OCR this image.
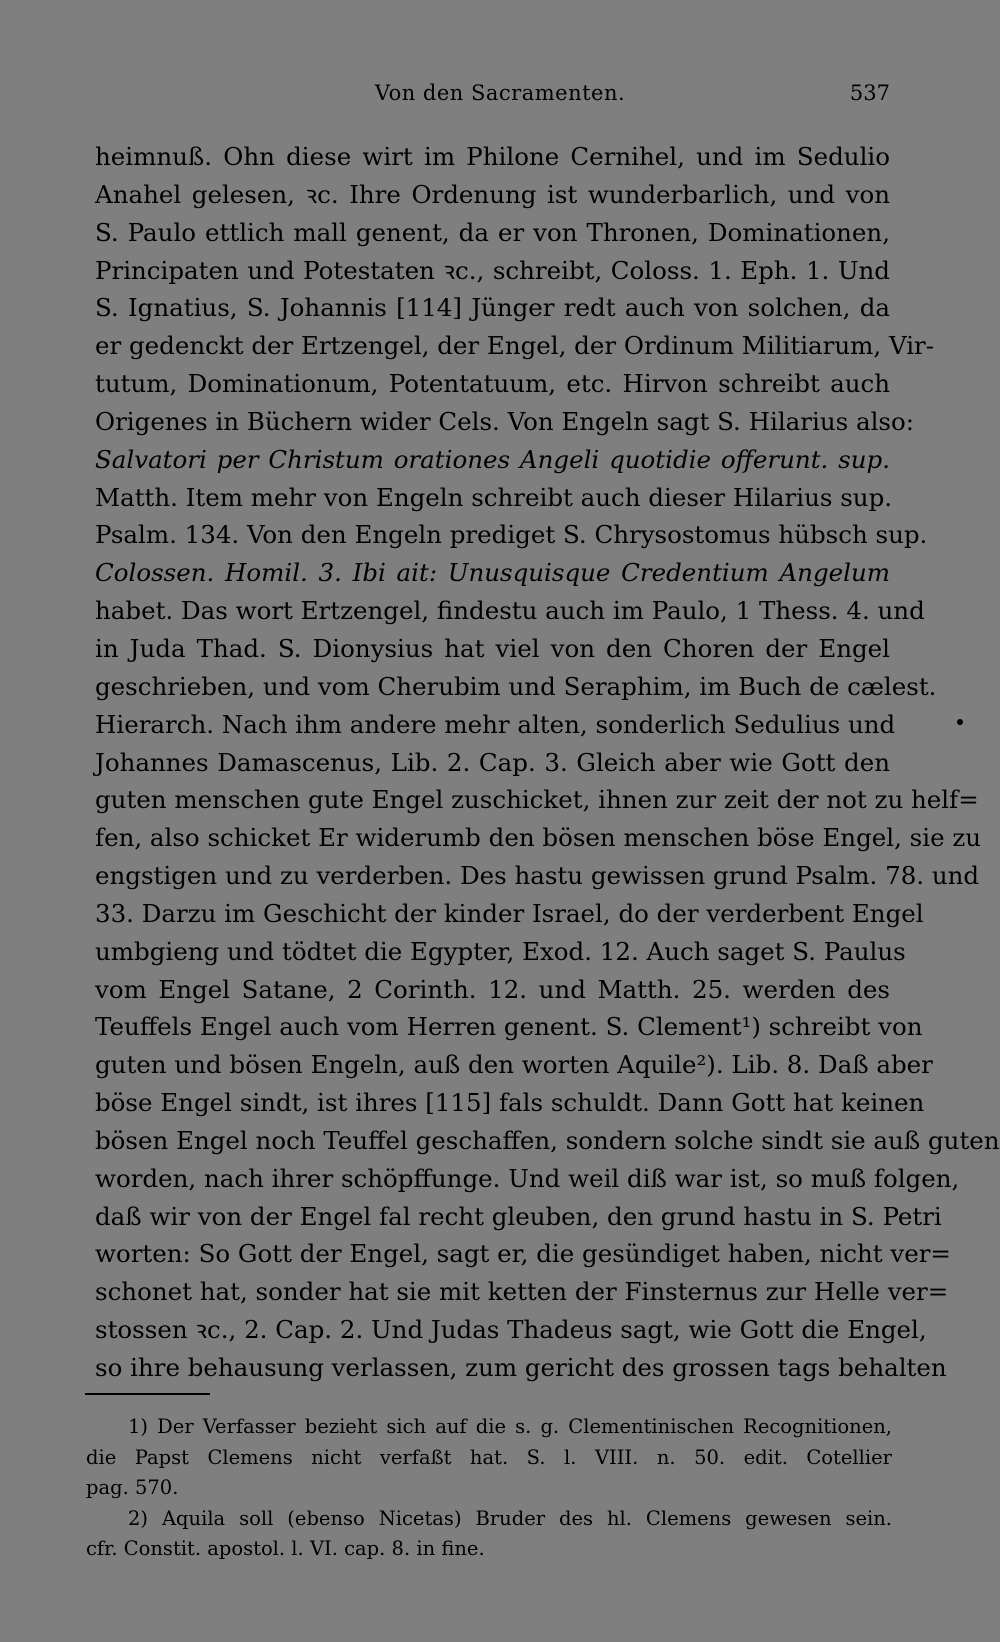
Von den Sacramenten.	537
heimnuß. Ohn diese wirt im Philone Cernihel, und im Sedulio
Anahel gelesen, ꝛc. Ihre Ordenung ist wunderbarlich, und von
S. Paulo ettlich mall genent, da er von Thronen, Dominationen,
Principaten und Potestaten ꝛc., schreibt, Coloss. 1. Eph. 1. Und
S. Ignatius, S. Johannis [114] Jünger redt auch von solchen, da
er gedenckt der Ertzengel, der Engel, der Ordinum Militiarum, Vir-
tutum, Dominationum, Potentatuum, etc. Hirvon schreibt auch
Origenes in Büchern wider Cels. Von Engeln sagt S. Hilarius also:
Salvatori per Christum orationes Angeli quotidie offerunt. sup.
Matth. Item mehr von Engeln schreibt auch dieser Hilarius sup.
Psalm. 134. Von den Engeln prediget S. Chrysostomus hübsch sup.
Colossen. Homil. 3. Ibi ait: Unusquisque Credentium Angelum
habet. Das wort Ertzengel, findestu auch im Paulo, 1 Thess. 4. und
in Juda Thad. S. Dionysius hat viel von den Choren der Engel
geschrieben, und vom Cherubim und Seraphim, im Buch de cælest.
Hierarch. Nach ihm andere mehr alten, sonderlich Sedulius und
Johannes Damascenus, Lib. 2. Cap. 3. Gleich aber wie Gott den
guten menschen gute Engel zuschicket, ihnen zur zeit der not zu helf=
fen, also schicket Er widerumb den bösen menschen böse Engel, sie zu
engstigen und zu verderben. Des hastu gewissen grund Psalm. 78. und
33. Darzu im Geschicht der kinder Israel, do der verderbent Engel
umbgieng und tödtet die Egypter, Exod. 12. Auch saget S. Paulus
vom Engel Satane, 2 Corinth. 12. und Matth. 25. werden des
Teuffels Engel auch vom Herren genent. S. Clement¹) schreibt von
guten und bösen Engeln, auß den worten Aquile²). Lib. 8. Daß aber
böse Engel sindt, ist ihres [115] fals schuldt. Dann Gott hat keinen
bösen Engel noch Teuffel geschaffen, sondern solche sindt sie auß guten
worden, nach ihrer schöpffunge. Und weil diß war ist, so muß folgen,
daß wir von der Engel fal recht gleuben, den grund hastu in S. Petri
worten: So Gott der Engel, sagt er, die gesündiget haben, nicht ver=
schonet hat, sonder hat sie mit ketten der Finsternus zur Helle ver=
stossen ꝛc., 2. Cap. 2. Und Judas Thadeus sagt, wie Gott die Engel,
so ihre behausung verlassen, zum gericht des grossen tags behalten
1) Der Verfasser bezieht sich auf die s. g. Clementinischen Recognitionen,
die Papst Clemens nicht verfaßt hat. S. l. VIII. n. 50. edit. Cotellier
pag. 570.
2) Aquila soll (ebenso Nicetas) Bruder des hl. Clemens gewesen sein.
cfr. Constit. apostol. l. VI. cap. 8. in fine.
